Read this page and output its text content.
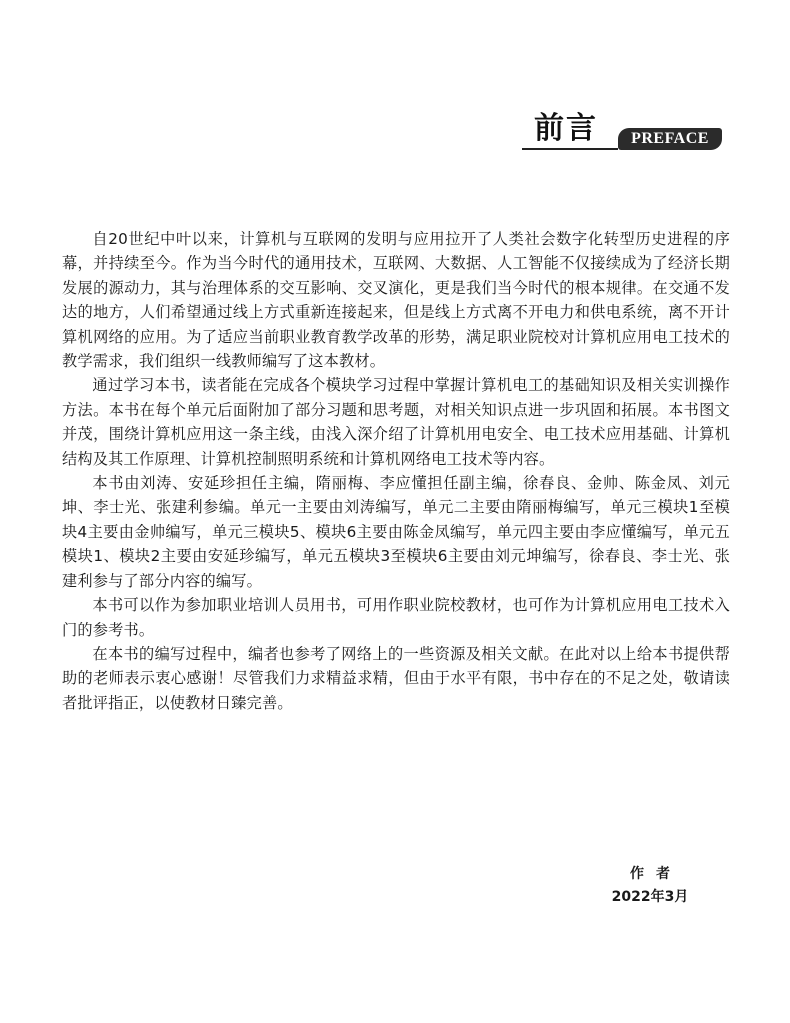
前言	PREFACE

自20世纪中叶以来，计算机与互联网的发明与应用拉开了人类社会数字化转型历史进程的序幕，并持续至今。作为当今时代的通用技术，互联网、大数据、人工智能不仅接续成为了经济长期发展的源动力，其与治理体系的交互影响、交叉演化，更是我们当今时代的根本规律。在交通不发达的地方，人们希望通过线上方式重新连接起来，但是线上方式离不开电力和供电系统，离不开计算机网络的应用。为了适应当前职业教育教学改革的形势，满足职业院校对计算机应用电工技术的教学需求，我们组织一线教师编写了这本教材。

通过学习本书，读者能在完成各个模块学习过程中掌握计算机电工的基础知识及相关实训操作方法。本书在每个单元后面附加了部分习题和思考题，对相关知识点进一步巩固和拓展。本书图文并茂，围绕计算机应用这一条主线，由浅入深介绍了计算机用电安全、电工技术应用基础、计算机结构及其工作原理、计算机控制照明系统和计算机网络电工技术等内容。

本书由刘涛、安延珍担任主编，隋丽梅、李应懂担任副主编，徐春良、金帅、陈金凤、刘元坤、李士光、张建利参编。单元一主要由刘涛编写，单元二主要由隋丽梅编写，单元三模块1至模块4主要由金帅编写，单元三模块5、模块6主要由陈金凤编写，单元四主要由李应懂编写，单元五模块1、模块2主要由安延珍编写，单元五模块3至模块6主要由刘元坤编写，徐春良、李士光、张建利参与了部分内容的编写。

本书可以作为参加职业培训人员用书，可用作职业院校教材，也可作为计算机应用电工技术入门的参考书。

在本书的编写过程中，编者也参考了网络上的一些资源及相关文献。在此对以上给本书提供帮助的老师表示衷心感谢！尽管我们力求精益求精，但由于水平有限，书中存在的不足之处，敬请读者批评指正，以使教材日臻完善。

作者
2022年3月
